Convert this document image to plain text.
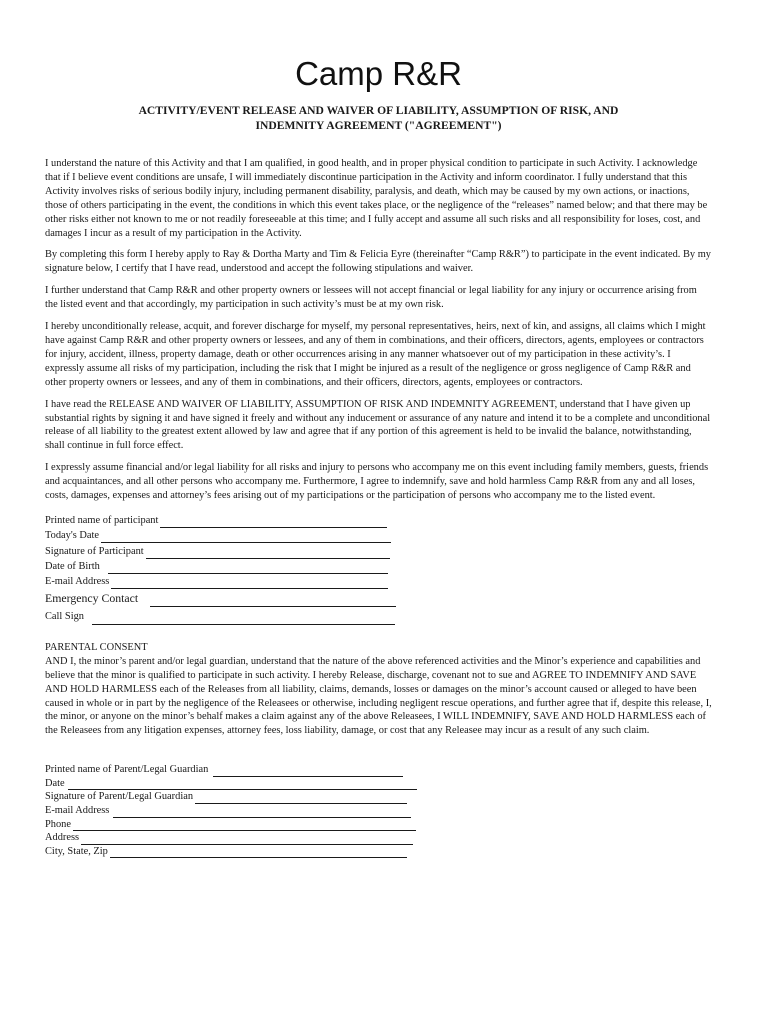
Camp R&R
ACTIVITY/EVENT RELEASE AND WAIVER OF LIABILITY, ASSUMPTION OF RISK, AND
INDEMNITY AGREEMENT ("AGREEMENT")

I understand the nature of this Activity and that I am qualified, in good health, and in proper physical condition to participate in such Activity. I acknowledge that if I believe event conditions are unsafe, I will immediately discontinue participation in the Activity and inform coordinator. I fully understand that this Activity involves risks of serious bodily injury, including permanent disability, paralysis, and death, which may be caused by my own actions, or inactions, those of others participating in the event, the conditions in which this event takes place, or the negligence of the “releases” named below; and that there may be other risks either not known to me or not readily foreseeable at this time; and I fully accept and assume all such risks and all responsibility for loses, cost, and damages I incur as a result of my participation in the Activity.

By completing this form I hereby apply to Ray & Dortha Marty and Tim & Felicia Eyre (thereinafter “Camp R&R”) to participate in the event indicated. By my signature below, I certify that I have read, understood and accept the following stipulations and waiver.

I further understand that Camp R&R and other property owners or lessees will not accept financial or legal liability for any injury or occurrence arising from the listed event and that accordingly, my participation in such activity’s must be at my own risk.

I hereby unconditionally release, acquit, and forever discharge for myself, my personal representatives, heirs, next of kin, and assigns, all claims which I might have against Camp R&R and other property owners or lessees, and any of them in combinations, and their officers, directors, agents, employees or contractors for injury, accident, illness, property damage, death or other occurrences arising in any manner whatsoever out of my participation in these activity’s. I expressly assume all risks of my participation, including the risk that I might be injured as a result of the negligence or gross negligence of Camp R&R and other property owners or lessees, and any of them in combinations, and their officers, directors, agents, employees or contractors.

I have read the RELEASE AND WAIVER OF LIABILITY, ASSUMPTION OF RISK AND INDEMNITY AGREEMENT, understand that I have given up substantial rights by signing it and have signed it freely and without any inducement or assurance of any nature and intend it to be a complete and unconditional release of all liability to the greatest extent allowed by law and agree that if any portion of this agreement is held to be invalid the balance, notwithstanding, shall continue in full force effect.

I expressly assume financial and/or legal liability for all risks and injury to persons who accompany me on this event including family members, guests, friends and acquaintances, and all other persons who accompany me. Furthermore, I agree to indemnify, save and hold harmless Camp R&R from any and all loses, costs, damages, expenses and attorney’s fees arising out of my participations or the participation of persons who accompany me to the listed event.

Printed name of participant
Today's Date
Signature of Participant
Date of Birth
E-mail Address
Emergency Contact
Call Sign

PARENTAL CONSENT

AND I, the minor’s parent and/or legal guardian, understand that the nature of the above referenced activities and the Minor’s experience and capabilities and believe that the minor is qualified to participate in such activity. I hereby Release, discharge, covenant not to sue and AGREE TO INDEMNIFY AND SAVE AND HOLD HARMLESS each of the Releases from all liability, claims, demands, losses or damages on the minor’s account caused or alleged to have been caused in whole or in part by the negligence of the Releasees or otherwise, including negligent rescue operations, and further agree that if, despite this release, I, the minor, or anyone on the minor’s behalf makes a claim against any of the above Releasees, I WILL INDEMNIFY, SAVE AND HOLD HARMLESS each of the Releasees from any litigation expenses, attorney fees, loss liability, damage, or cost that any Releasee may incur as a result of any such claim.

Printed name of Parent/Legal Guardian
Date
Signature of Parent/Legal Guardian
E-mail Address
Phone
Address
City, State, Zip
